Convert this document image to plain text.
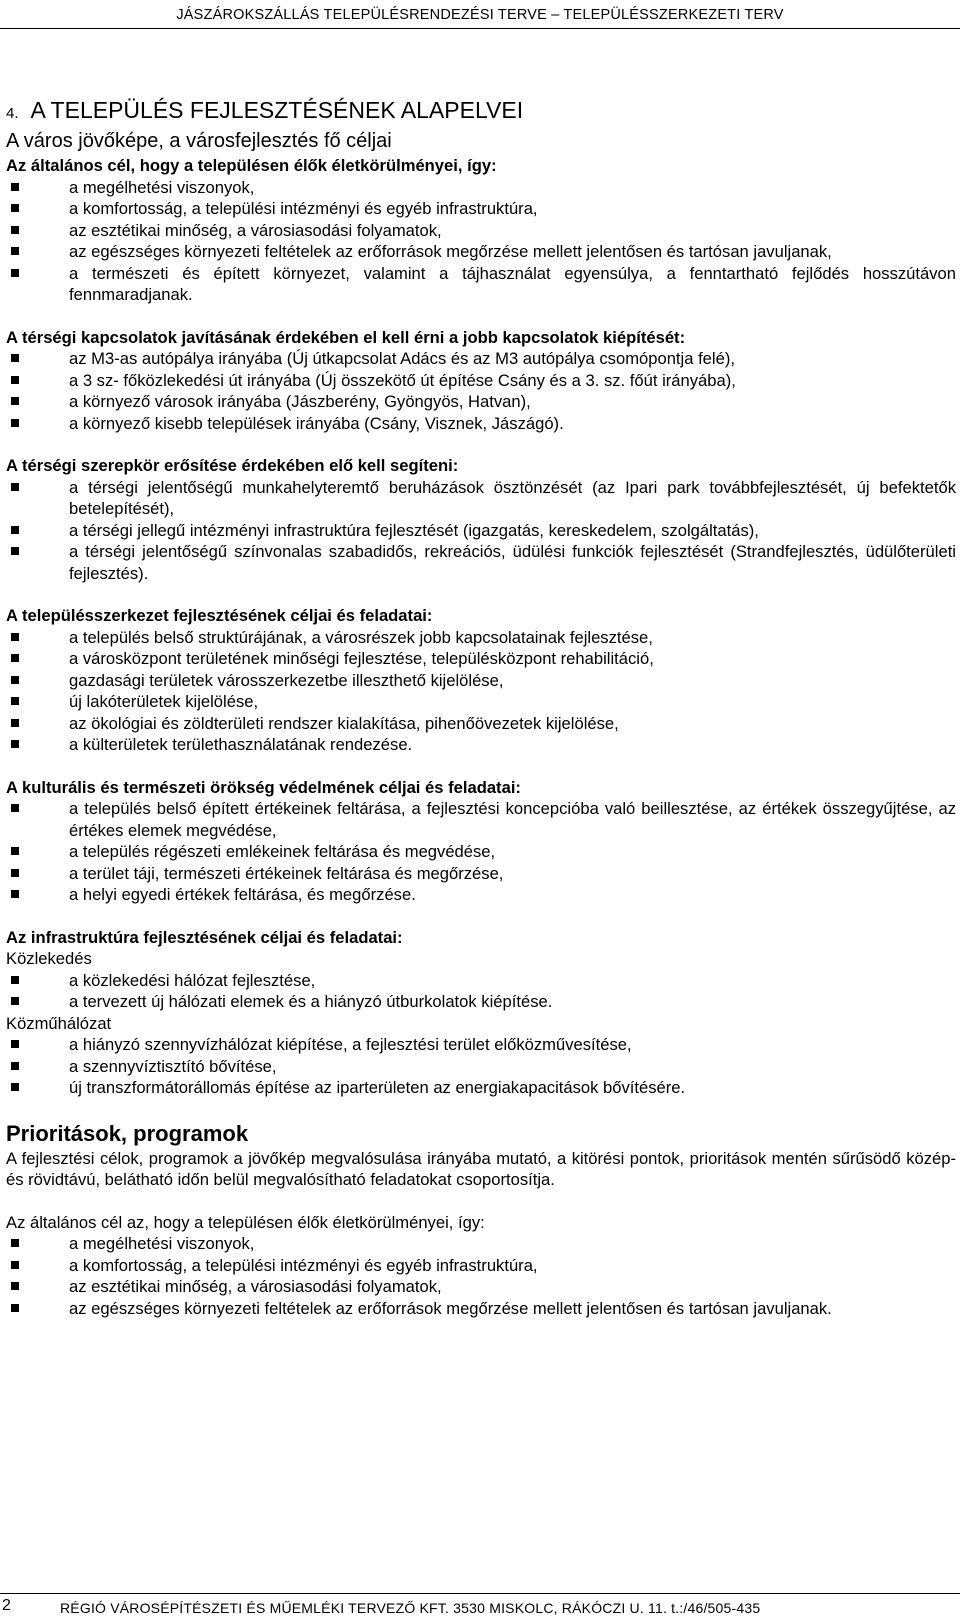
JÁSZÁROKSZÁLLÁS TELEPÜLÉSRENDEZÉSI TERVE – TELEPÜLÉSSZERKEZETI TERV
4. A TELEPÜLÉS FEJLESZTÉSÉNEK ALAPELVEI
A város jövőképe, a városfejlesztés fő céljai

Az általános cél, hogy a településen élők életkörülményei, így:

a megélhetési viszonyok,
a komfortosság, a települési intézményi és egyéb infrastruktúra,
az esztétikai minőség, a városiasodási folyamatok,
az egészséges környezeti feltételek az erőforrások megőrzése mellett jelentősen és tartósan javuljanak,
a természeti és épített környezet, valamint a tájhasználat egyensúlya, a fenntartható fejlődés hosszútávon fennmaradjanak.

A térségi kapcsolatok javításának érdekében el kell érni a jobb kapcsolatok kiépítését:

az M3-as autópálya irányába (Új útkapcsolat Adács és az M3 autópálya csomópontja felé),
a 3 sz- főközlekedési út irányába (Új összekötő út építése Csány és a 3. sz. főút irányába),
a környező városok irányába (Jászberény, Gyöngyös, Hatvan),
a környező kisebb települések irányába (Csány, Visznek, Jászágó).

A térségi szerepkör erősítése érdekében elő kell segíteni:

a térségi jelentőségű munkahelyteremtő beruházások ösztönzését (az Ipari park továbbfejlesztését, új befektetők betelepítését),
a térségi jellegű intézményi infrastruktúra fejlesztését (igazgatás, kereskedelem, szolgáltatás),
a térségi jelentőségű színvonalas szabadidős, rekreációs, üdülési funkciók fejlesztését (Strandfejlesztés, üdülőterületi fejlesztés).

A településszerkezet fejlesztésének céljai és feladatai:

a település belső struktúrájának, a városrészek jobb kapcsolatainak fejlesztése,
a városközpont területének minőségi fejlesztése, településközpont rehabilitáció,
gazdasági területek városszerkezetbe illeszthető kijelölése,
új lakóterületek kijelölése,
az ökológiai és zöldterületi rendszer kialakítása, pihenőövezetek kijelölése,
a külterületek területhasználatának rendezése.

A kulturális és természeti örökség védelmének céljai és feladatai:

a település belső épített értékeinek feltárása, a fejlesztési koncepcióba való beillesztése, az értékek összegyűjtése, az értékes elemek megvédése,
a település régészeti emlékeinek feltárása és megvédése,
a terület táji, természeti értékeinek feltárása és megőrzése,
a helyi egyedi értékek feltárása, és megőrzése.

Az infrastruktúra fejlesztésének céljai és feladatai:

Közlekedés

a közlekedési hálózat fejlesztése,
a tervezett új hálózati elemek és a hiányzó útburkolatok kiépítése.

Közműhálózat

a hiányzó szennyvízhálózat kiépítése, a fejlesztési terület előközművesítése,
a szennyvíztisztító bővítése,
új transzformátorállomás építése az iparterületen az energiakapacitások bővítésére.
Prioritások, programok

A fejlesztési célok, programok a jövőkép megvalósulása irányába mutató, a kitörési pontok, prioritások mentén sűrűsödő közép- és rövidtávú, belátható időn belül megvalósítható feladatokat csoportosítja.

Az általános cél az, hogy a településen élők életkörülményei, így:

a megélhetési viszonyok,
a komfortosság, a települési intézményi és egyéb infrastruktúra,
az esztétikai minőség, a városiasodási folyamatok,
az egészséges környezeti feltételek az erőforrások megőrzése mellett jelentősen és tartósan javuljanak.
2	RÉGIÓ VÁROSÉPÍTÉSZETI ÉS MŰEMLÉKI TERVEZŐ KFT. 3530 MISKOLC, RÁKÓCZI U. 11. t.:/46/505-435
